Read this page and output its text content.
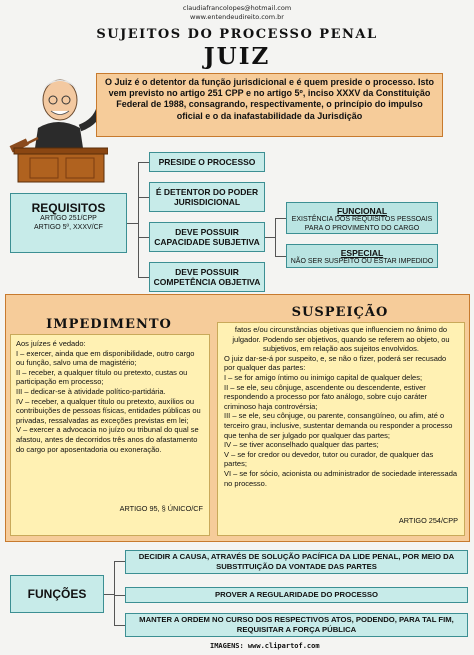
claudiafrancolopes@hotmail.com
www.entendeudireito.com.br
SUJEITOS DO PROCESSO PENAL
JUIZ
O Juiz é o detentor da função jurisdicional e é quem preside o processo. Isto vem previsto no artigo 251 CPP e no artigo 5º, inciso XXXV da Constituição Federal de 1988, consagrando, respectivamente, o princípio do impulso oficial e o da inafastabilidade da Jurisdição
REQUISITOS
ARTIGO 251/CPP
ARTIGO 5º, XXXV/CF
PRESIDE O PROCESSO
É DETENTOR DO PODER JURISDICIONAL
DEVE POSSUIR CAPACIDADE SUBJETIVA
DEVE POSSUIR COMPETÊNCIA OBJETIVA
FUNCIONAL
EXISTÊNCIA DOS REQUISITOS PESSOAIS PARA O PROVIMENTO DO CARGO
ESPECIAL
NÃO SER SUSPEITO OU ESTAR IMPEDIDO
IMPEDIMENTO
Aos juízes é vedado:
I – exercer, ainda que em disponibilidade, outro cargo ou função, salvo uma de magistério;
II – receber, a qualquer título ou pretexto, custas ou participação em processo;
III – dedicar-se à atividade político-partidária.
IV – receber, a qualquer título ou pretexto, auxílios ou contribuições de pessoas físicas, entidades públicas ou privadas, ressalvadas as exceções previstas em lei;
V – exercer a advocacia no juízo ou tribunal do qual se afastou, antes de decorridos três anos do afastamento do cargo por aposentadoria ou exoneração.
ARTIGO 95, § ÚNICO/CF
SUSPEIÇÃO
fatos e/ou circunstâncias objetivas que influenciem no ânimo do julgador. Podendo ser objetivos, quando se referem ao objeto, ou subjetivos, em relação aos sujeitos envolvidos.
O juiz dar-se-á por suspeito, e, se não o fizer, poderá ser recusado por qualquer das partes:
I – se for amigo íntimo ou inimigo capital de qualquer deles;
II – se ele, seu cônjuge, ascendente ou descendente, estiver respondendo a processo por fato análogo, sobre cujo caráter criminoso haja controvérsia;
III – se ele, seu cônjuge, ou parente, consangüíneo, ou afim, até o terceiro grau, inclusive, sustentar demanda ou responder a processo que tenha de ser julgado por qualquer das partes;
IV – se tiver aconselhado qualquer das partes;
V – se for credor ou devedor, tutor ou curador, de qualquer das partes;
VI – se for sócio, acionista ou administrador de sociedade interessada no processo.
ARTIGO 254/CPP
FUNÇÕES
DECIDIR A CAUSA, ATRAVÉS DE SOLUÇÃO PACÍFICA DA LIDE PENAL, POR MEIO DA SUBSTITUIÇÃO DA VONTADE DAS PARTES
PROVER A REGULARIDADE DO PROCESSO
MANTER A ORDEM NO CURSO DOS RESPECTIVOS ATOS, PODENDO, PARA TAL FIM, REQUISITAR A FORÇA PÚBLICA
IMAGENS: www.clipartof.com
